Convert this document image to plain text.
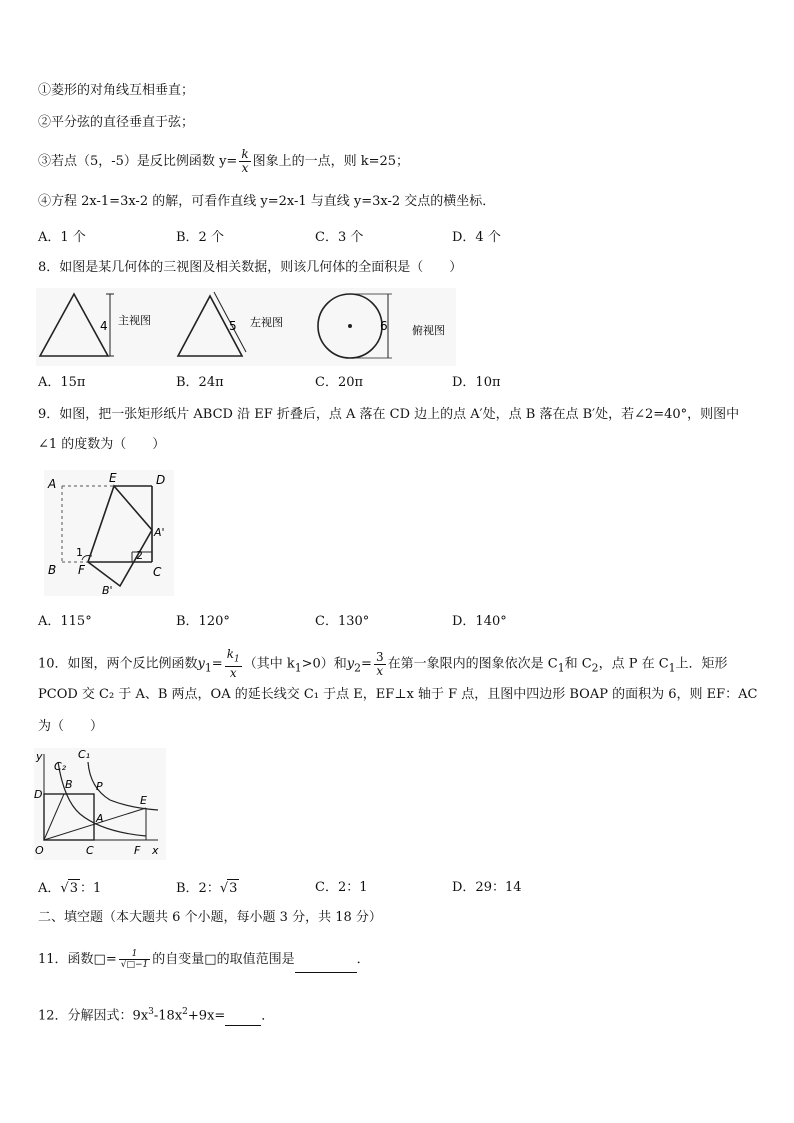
①菱形的对角线互相垂直；
②平分弦的直径垂直于弦；
③若点（5，-5）是反比例函数 $y= \frac{k}{x}$ 图象上的一点，则 k=25；
④方程 2x-1=3x-2 的解，可看作直线 y=2x-1 与直线 y=3x-2 交点的横坐标．
A．1 个	B．2 个	C．3 个	D．4 个
8．如图是某几何体的三视图及相关数据，则该几何体的全面积是（　　）
4 主视图	5 左视图	6 俯视图
A．15π	B．24π	C．20π	D．10π
9．如图，把一张矩形纸片 ABCD 沿 EF 折叠后，点 A 落在 CD 边上的点 A′处，点 B 落在点 B′处，若∠2=40°，则图中
∠1 的度数为（　　）
A	E	D
A'
1	2
B F	C
B'
A．115°	B．120°	C．130°	D．140°
10．如图，两个反比例函数$y_1= \frac{k_1}{x}$ （其中 $k_1>0$）和$y_2= \frac{3}{x}$ 在第一象限内的图象依次是 $C_1$和 $C_2$，点 P 在 $C_1$上．矩形
PCOD 交 C₂ 于 A、B 两点，OA 的延长线交 C₁ 于点 E，EF⊥x 轴于 F 点，且图中四边形 BOAP 的面积为 6，则 EF：AC
为（　　）
y
C₂
C₁
B P
D	E
A
O	C	F x
A．√3 ：1	B．2：√3	C．2：1	D．29：14
二、填空题（本大题共 6 个小题，每小题 3 分，共 18 分）
11．函数□= $\frac{1}{√□-1}$ 的自变量□的取值范围是	．
12．分解因式：$9x^3-18x^2+9x=$	．
